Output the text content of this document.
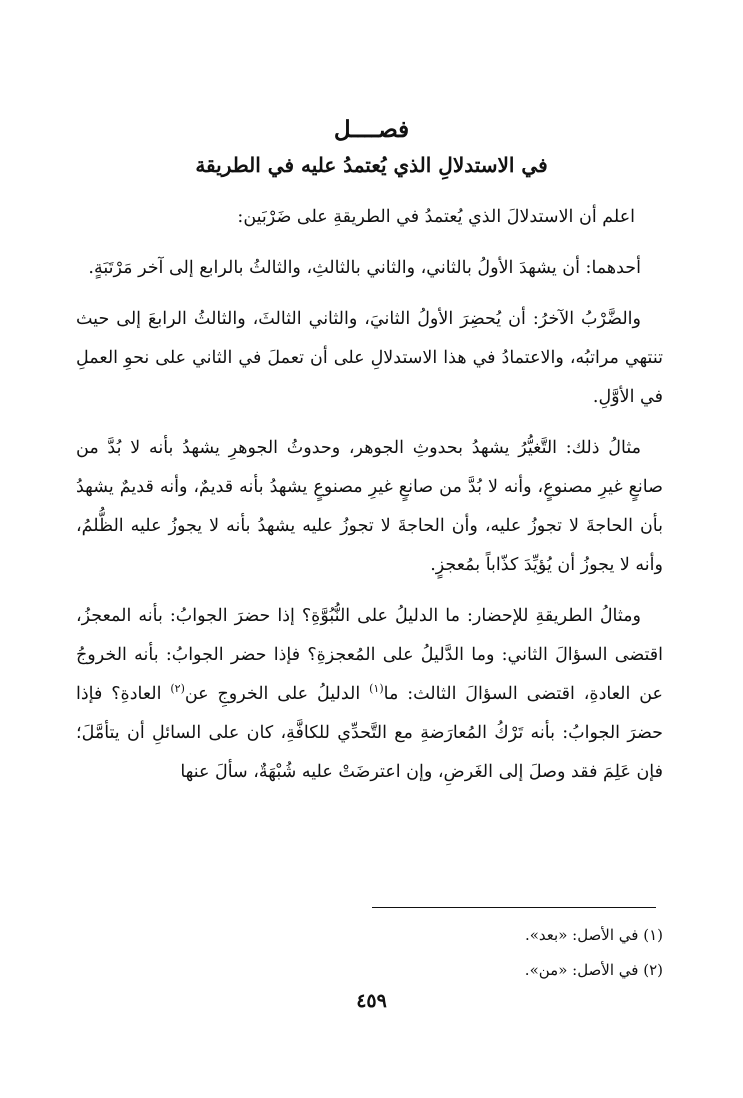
فصــــل

في الاستدلالِ الذي يُعتمدُ عليه في الطريقة

اعلم أن الاستدلالَ الذي يُعتمدُ في الطريقةِ على ضَرْبَين:

أحدهما: أن يشهدَ الأولُ بالثاني، والثاني بالثالثِ، والثالثُ بالرابع إلى آخر مَرْتَبَةٍ.

والضَّرْبُ الآخرُ: أن يُحضِرَ الأولُ الثانيَ، والثاني الثالثَ، والثالثُ الرابعَ إلى حيث تنتهي مراتبُه، والاعتمادُ في هذا الاستدلالِ على أن تعملَ في الثاني على نحوِ العملِ في الأوَّلِ.

مثالُ ذلك: التَّغيُّرُ يشهدُ بحدوثِ الجوهر، وحدوثُ الجوهرِ يشهدُ بأنه لا بُدَّ من صانعٍ غيرِ مصنوعٍ، وأنه لا بُدَّ من صانعٍ غيرِ مصنوعٍ يشهدُ بأنه قديمٌ، وأنه قديمٌ يشهدُ بأن الحاجةَ لا تجوزُ عليه، وأن الحاجةَ لا تجوزُ عليه يشهدُ بأنه لا يجوزُ عليه الظُّلمُ، وأنه لا يجوزُ أن يُؤيِّدَ كذّاباً بمُعجزٍ.

ومثالُ الطريقةِ للإحضار: ما الدليلُ على النُّبُوَّةِ؟ إذا حضرَ الجوابُ: بأنه المعجزُ، اقتضى السؤالَ الثاني: وما الدَّليلُ على المُعجزةِ؟ فإذا حضر الجوابُ: بأنه الخروجُ عن العادةِ، اقتضى السؤالَ الثالث: ما$^{(١)}$ الدليلُ على الخروجِ عن$^{(٢)}$ العادةِ؟ فإذا حضرَ الجوابُ: بأنه تَرْكُ المُعارَضةِ مع التَّحدِّي للكافَّةِ، كان على السائلِ أن يتأمَّلَ؛ فإن عَلِمَ فقد وصلَ إلى الغَرضِ، وإن اعترضَتْ عليه شُبْهَةٌ، سألَ عنها

(١) في الأصل: «بعد».

(٢) في الأصل: «من».

٤٥٩
